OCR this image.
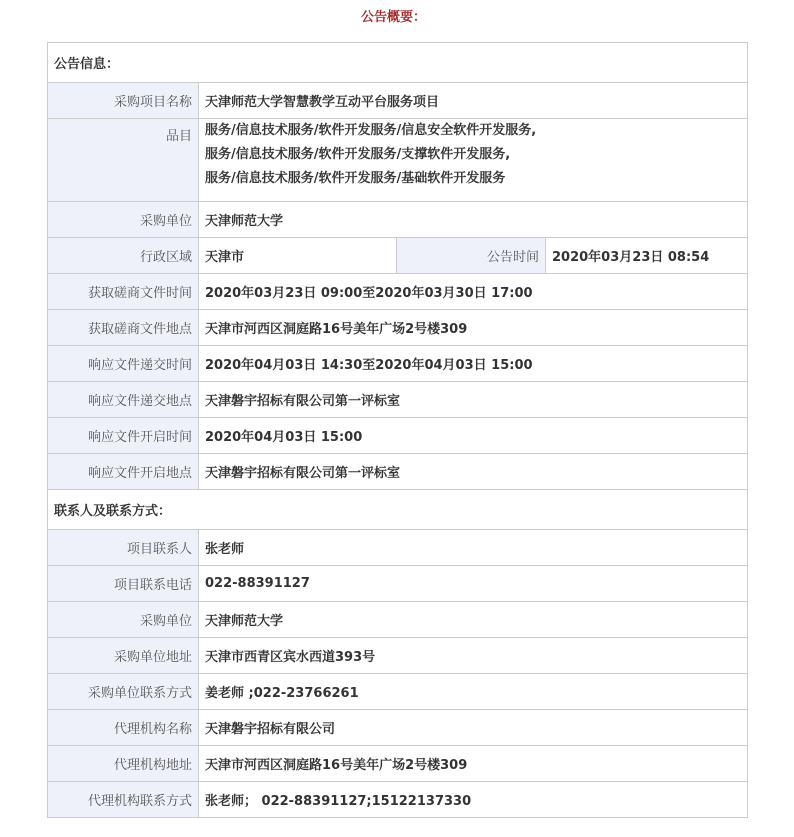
公告概要：
公告信息：			
采购项目名称	天津师范大学智慧教学互动平台服务项目		
品目	服务/信息技术服务/软件开发服务/信息安全软件开发服务,
服务/信息技术服务/软件开发服务/支撑软件开发服务,
服务/信息技术服务/软件开发服务/基础软件开发服务		

采购单位	天津师范大学		
行政区域	天津市	公告时间	2020年03月23日 08:54
获取磋商文件时间	2020年03月23日 09:00至2020年03月30日 17:00		
获取磋商文件地点	天津市河西区洞庭路16号美年广场2号楼309		
响应文件递交时间	2020年04月03日 14:30至2020年04月03日 15:00		
响应文件递交地点	天津磐宇招标有限公司第一评标室		
响应文件开启时间	2020年04月03日 15:00		
响应文件开启地点	天津磐宇招标有限公司第一评标室		
联系人及联系方式：			
项目联系人	张老师		
项目联系电话	022-88391127		
采购单位	天津师范大学		
采购单位地址	天津市西青区宾水西道393号		
采购单位联系方式	姜老师 ;022-23766261		
代理机构名称	天津磐宇招标有限公司		
代理机构地址	天津市河西区洞庭路16号美年广场2号楼309		
代理机构联系方式	张老师； 022-88391127;15122137330		
